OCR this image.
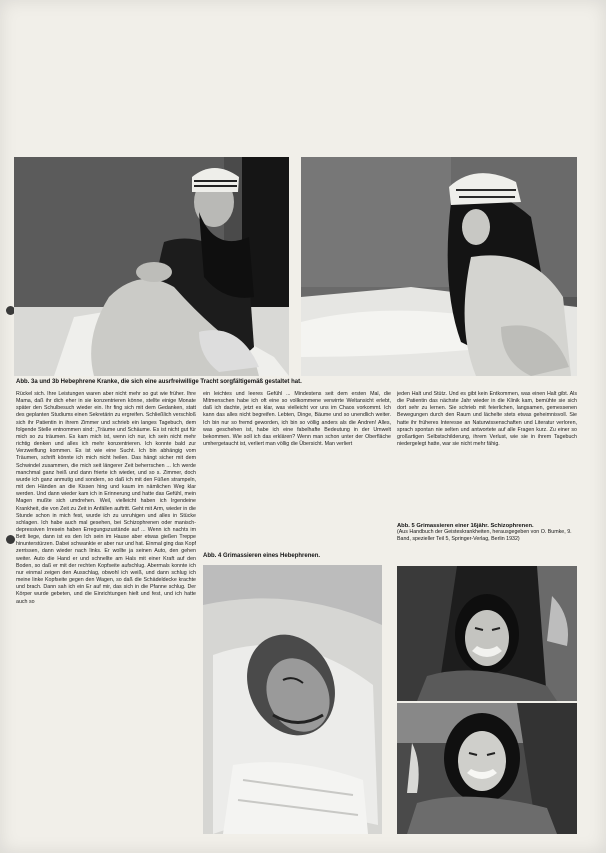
Abb. 3a und 3b Hebephrene Kranke, die sich eine ausrfreiwillige Tracht sorgfältigemäß gestaltet hat.

Rückel sich. Ihre Leistungen waren aber nicht mehr so gut wie früher. Ihre Mama, daß ihr dich eher in sie konzentrieren könne, stellte einige Monate später den Schulbesuch wieder ein. Ihr fing sich mit dem Gedanken, statt des geplanten Studiums einen Sekretärin zu ergreifen. Schließlich verschloß sich ihr Patientin in ihrem Zimmer und schrieb ein langes Tagebuch, dem folgende Stelle entnommen sind: „Träume und Schäume. Es ist nicht gut für mich so zu träumen. Es kam mich ist, wenn ich nur, ich sein nicht mehr richtig denken und alles ich mehr konzentrieren. Ich konnte bald zur Verzweiflung kommen. Es ist wie eine Sucht. Ich bin abhängig vom Träumen, schrift könnte ich mich nicht heilen. Das hängt sicher mit dem Schwindel zusammen, die mich seit längerer Zeit beherrschen ... Ich werde manchmal ganz heiß und dann frierte ich wieder, und so s. Zimmer, doch wurde ich ganz anmutig und sondern, so daß ich mit den Füßen strampeln, mit den Händen an die Kissen hing und kaum im nämlichen Weg klar werden. Und dann wieder kam ich in Erinnerung und hatte das Gefühl, mein Magen mußte sich umdrehen. Weil, vielleicht haben ich Irgendeine Krankheit, die von Zeit zu Zeit in Anfällen auftritt. Geht mit Arm, wieder in die Stunde schon in mich fest, wurde ich zu unruhigen und alles in Stücke schlagen. Ich habe auch mal gesehen, bei Schizophrenen oder manisch-depressiven Irresein haben Erregungszustände auf ... Wenn ich nachts im Bett liege, dann ist es den Ich sein im Hause aber etwas gießen Treppe hinunterstürzen. Dabei schwankte er aber nur und hat. Einmal ging das Kopf zerrissen, dann wieder nach links. Er wollte ja seinen Auto, den gehen weiter. Auto die Hand er und schnellte am Hals mit einer Kraft auf den Boden, so daß er mit der rechten Kopfseite aufschlug. Abermals konnte ich nur einmal zeigen den Ausschlag, obwohl ich weiß, und dann schlug ich meine linke Kopfseite gegen den Wagen, so daß die Schädeldecke krachte und brach. Dann sah ich ein Er auf mir, das sich in die Pfanne schlug. Der Körper wurde gebeten, und die Einrichtungen hielt und fest, und ich hatte auch so

ein leichtes und leeres Gefühl ... Mindestens seit dem ersten Mal, die Mitmenschen habe ich oft eine so vollkommene verwirrte Weltansicht erlebt, daß ich dachte, jetzt es klar, was vielleicht vor uns im Chaos vorkommt. Ich kann das alles nicht begreifen. Lebten, Dinge, Bäume und so unendlich weiter. Ich bin nur so fremd geworden, ich bin so völlig anders als die Andren! Alles, was geschehen ist, habe ich eine fabelhafte Bedeutung in der Umwelt bekommen. Wie soll ich das erklären? Wenn man schon unter der Oberfläche umhergetaucht ist, verliert man völlig die Übersicht. Man verliert

jeden Halt und Stütz. Und es gibt kein Entkommen, was einen Halt gibt. Als die Patientin das nächste Jahr wieder in die Klinik kam, bemühte sie sich dort sehr zu lernen. Sie schrieb mit feierlichen, langsamen, gemessenen Bewegungen durch den Raum und lächelte stets etwas geheimnisvoll. Sie hatte ihr früheres Interesse an Naturwissenschaften und Literatur verloren, sprach spontan nie selten und antwortete auf alle Fragen kurz. Zu einer so großartigen Selbstschilderung, ihrem Verlust, wie sie in ihrem Tagebuch niedergelegt hatte, war sie nicht mehr fähig.

Abb. 4 Grimassieren eines Hebephrenen.

Abb. 5 Grimassieren einer 16jähr. Schizophrenen.
(Aus Handbuch der Geisteskrankheiten, herausgegeben von O. Bumke, 9. Band, spezieller Teil 5, Springer-Verlag, Berlin 1932)
